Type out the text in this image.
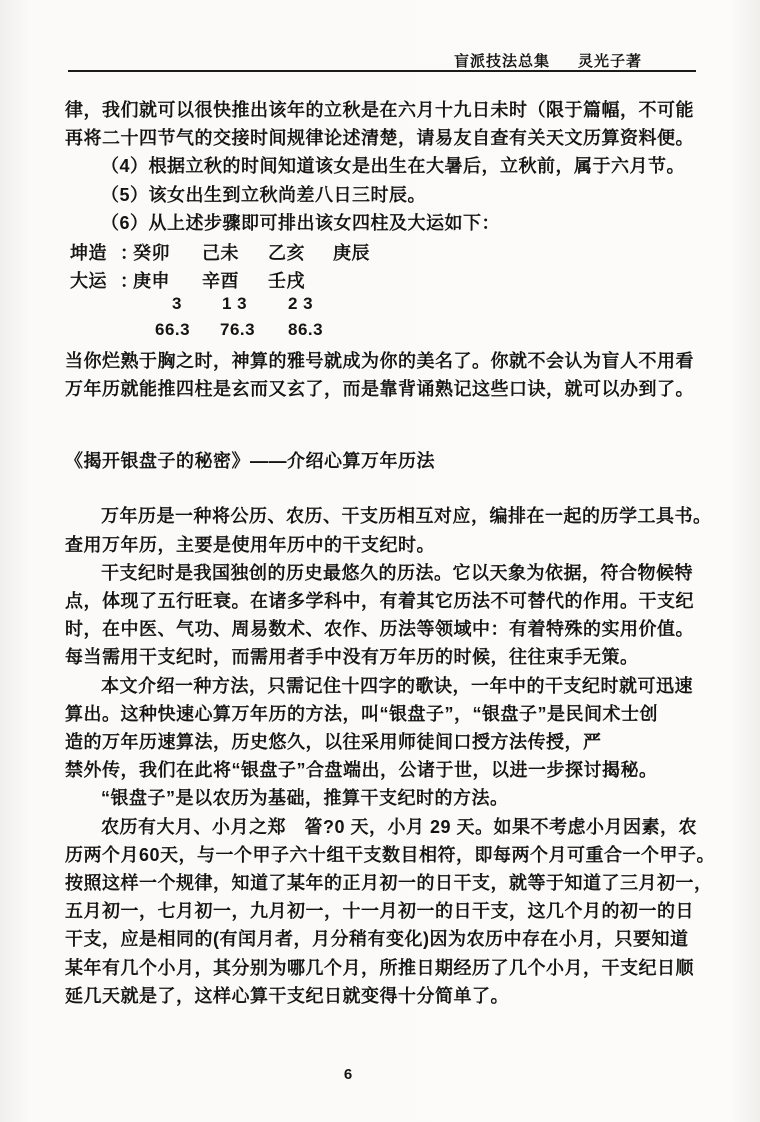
盲派技法总集 灵光子著
律，我们就可以很快推出该年的立秋是在六月十九日未时（限于篇幅，不可能
再将二十四节气的交接时间规律论述清楚，请易友自查有关天文历算资料便。
（4）根据立秋的时间知道该女是出生在大暑后，立秋前，属于六月节。
（5）该女出生到立秋尚差八日三时辰。
（6）从上述步骤即可排出该女四柱及大运如下：
坤造 ：
癸卯 己未 乙亥 庚辰
大运 ：
庚申 辛酉 壬戌
3 1 3 2 3
66.3 76.3 86.3
当你烂熟于胸之时，神算的雅号就成为你的美名了。你就不会认为盲人不用看
万年历就能推四柱是玄而又玄了，而是靠背诵熟记这些口诀，就可以办到了。
《揭开银盘子的秘密》——介绍心算万年历法
万年历是一种将公历、农历、干支历相互对应，编排在一起的历学工具书。
查用万年历，主要是使用年历中的干支纪时。
干支纪时是我国独创的历史最悠久的历法。它以天象为依据，符合物候特
点，体现了五行旺衰。在诸多学科中，有着其它历法不可替代的作用。干支纪
时，在中医、气功、周易数术、农作、历法等领域中：有着特殊的实用价值。
每当需用干支纪时，而需用者手中没有万年历的时候，往往束手无策。
本文介绍一种方法，只需记住十四字的歌诀，一年中的干支纪时就可迅速
算出。这种快速心算万年历的方法，叫“银盘子”，“银盘子”是民间术士创
造的万年历速算法，历史悠久，以往采用师徒间口授方法传授，严
禁外传，我们在此将“银盘子”合盘端出，公诸于世，以进一步探讨揭秘。
“银盘子”是以农历为基础，推算干支纪时的方法。
农历有大月、小月之郑　箵?0 天，小月 29 天。如果不考虑小月因素，农
历两个月60天，与一个甲子六十组干支数目相符，即每两个月可重合一个甲子。
按照这样一个规律，知道了某年的正月初一的日干支，就等于知道了三月初一，
五月初一，七月初一，九月初一，十一月初一的日干支，这几个月的初一的日
干支，应是相同的(有闰月者，月分稍有变化)因为农历中存在小月，只要知道
某年有几个小月，其分别为哪几个月，所推日期经历了几个小月，干支纪日顺
延几天就是了，这样心算干支纪日就变得十分简单了。
6
